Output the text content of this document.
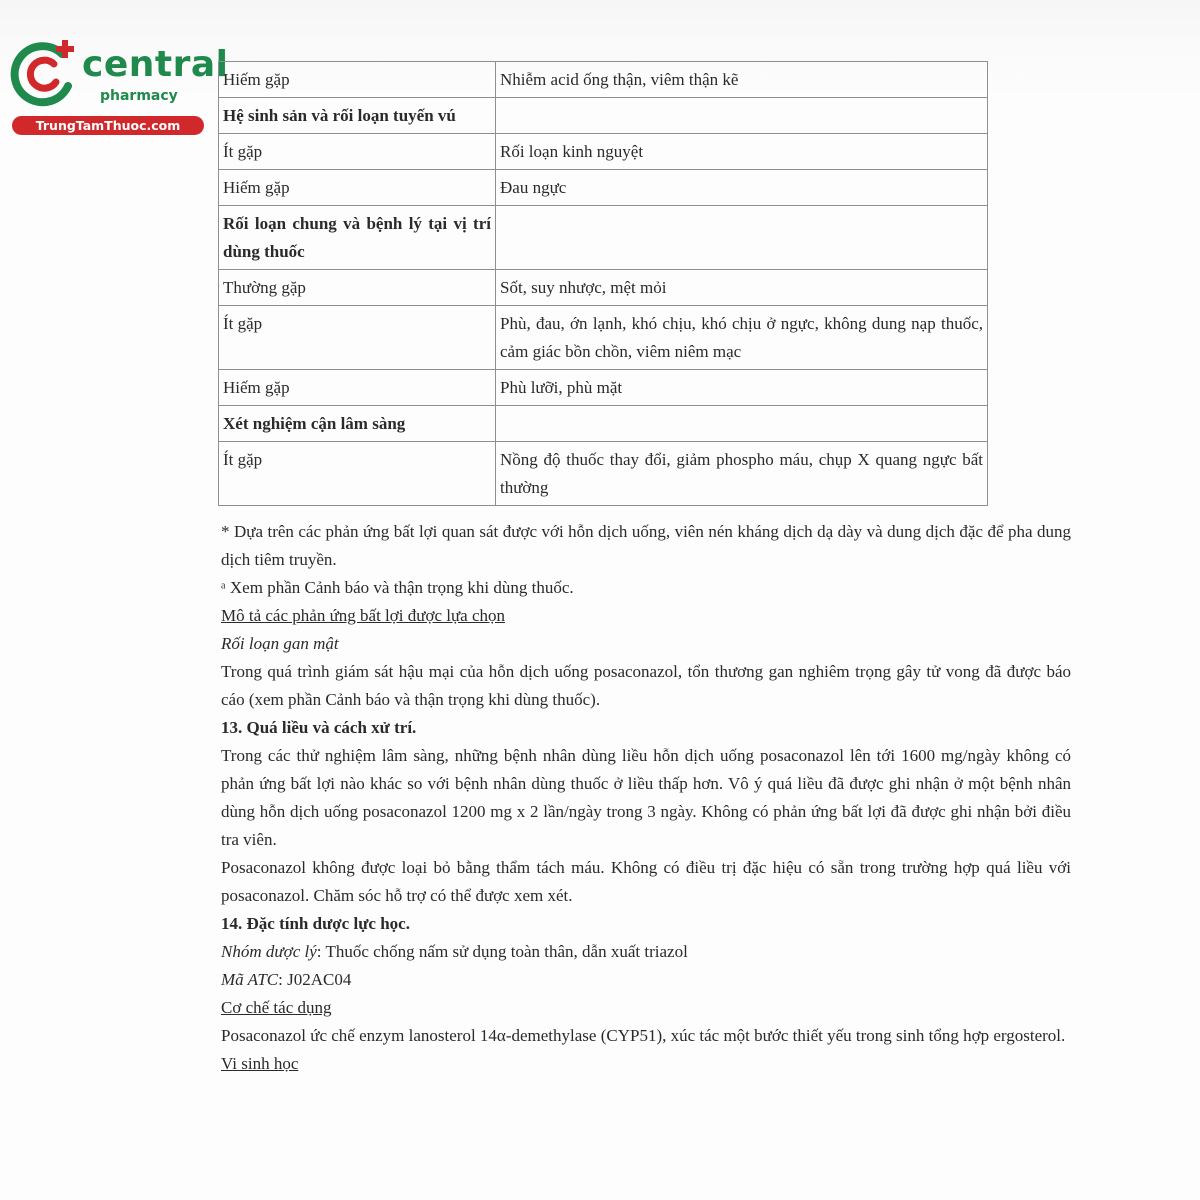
central
pharmacy
TrungTamThuoc.com
Hiếm gặp	Nhiễm acid ống thận, viêm thận kẽ
Hệ sinh sản và rối loạn tuyến vú	
Ít gặp	Rối loạn kinh nguyệt
Hiếm gặp	Đau ngực
Rối loạn chung và bệnh lý tại vị trí dùng thuốc	
Thường gặp	Sốt, suy nhược, mệt mỏi
Ít gặp	Phù, đau, ớn lạnh, khó chịu, khó chịu ở ngực, không dung nạp thuốc, cảm giác bồn chồn, viêm niêm mạc
Hiếm gặp	Phù lưỡi, phù mặt
Xét nghiệm cận lâm sàng	
Ít gặp	Nồng độ thuốc thay đổi, giảm phospho máu, chụp X quang ngực bất thường

* Dựa trên các phản ứng bất lợi quan sát được với hỗn dịch uống, viên nén kháng dịch dạ dày và dung dịch đặc để pha dung dịch tiêm truyền.

ᵃ Xem phần Cảnh báo và thận trọng khi dùng thuốc.

Mô tả các phản ứng bất lợi được lựa chọn

Rối loạn gan mật

Trong quá trình giám sát hậu mại của hỗn dịch uống posaconazol, tổn thương gan nghiêm trọng gây tử vong đã được báo cáo (xem phần Cảnh báo và thận trọng khi dùng thuốc).

13. Quá liều và cách xử trí.

Trong các thử nghiệm lâm sàng, những bệnh nhân dùng liều hỗn dịch uống posaconazol lên tới 1600 mg/ngày không có phản ứng bất lợi nào khác so với bệnh nhân dùng thuốc ở liều thấp hơn. Vô ý quá liều đã được ghi nhận ở một bệnh nhân dùng hỗn dịch uống posaconazol 1200 mg x 2 lần/ngày trong 3 ngày. Không có phản ứng bất lợi đã được ghi nhận bởi điều tra viên.

Posaconazol không được loại bỏ bằng thẩm tách máu. Không có điều trị đặc hiệu có sẵn trong trường hợp quá liều với posaconazol. Chăm sóc hỗ trợ có thể được xem xét.

14. Đặc tính dược lực học.

Nhóm dược lý: Thuốc chống nấm sử dụng toàn thân, dẫn xuất triazol

Mã ATC: J02AC04

Cơ chế tác dụng

Posaconazol ức chế enzym lanosterol 14α-demethylase (CYP51), xúc tác một bước thiết yếu trong sinh tổng hợp ergosterol.

Vi sinh học
